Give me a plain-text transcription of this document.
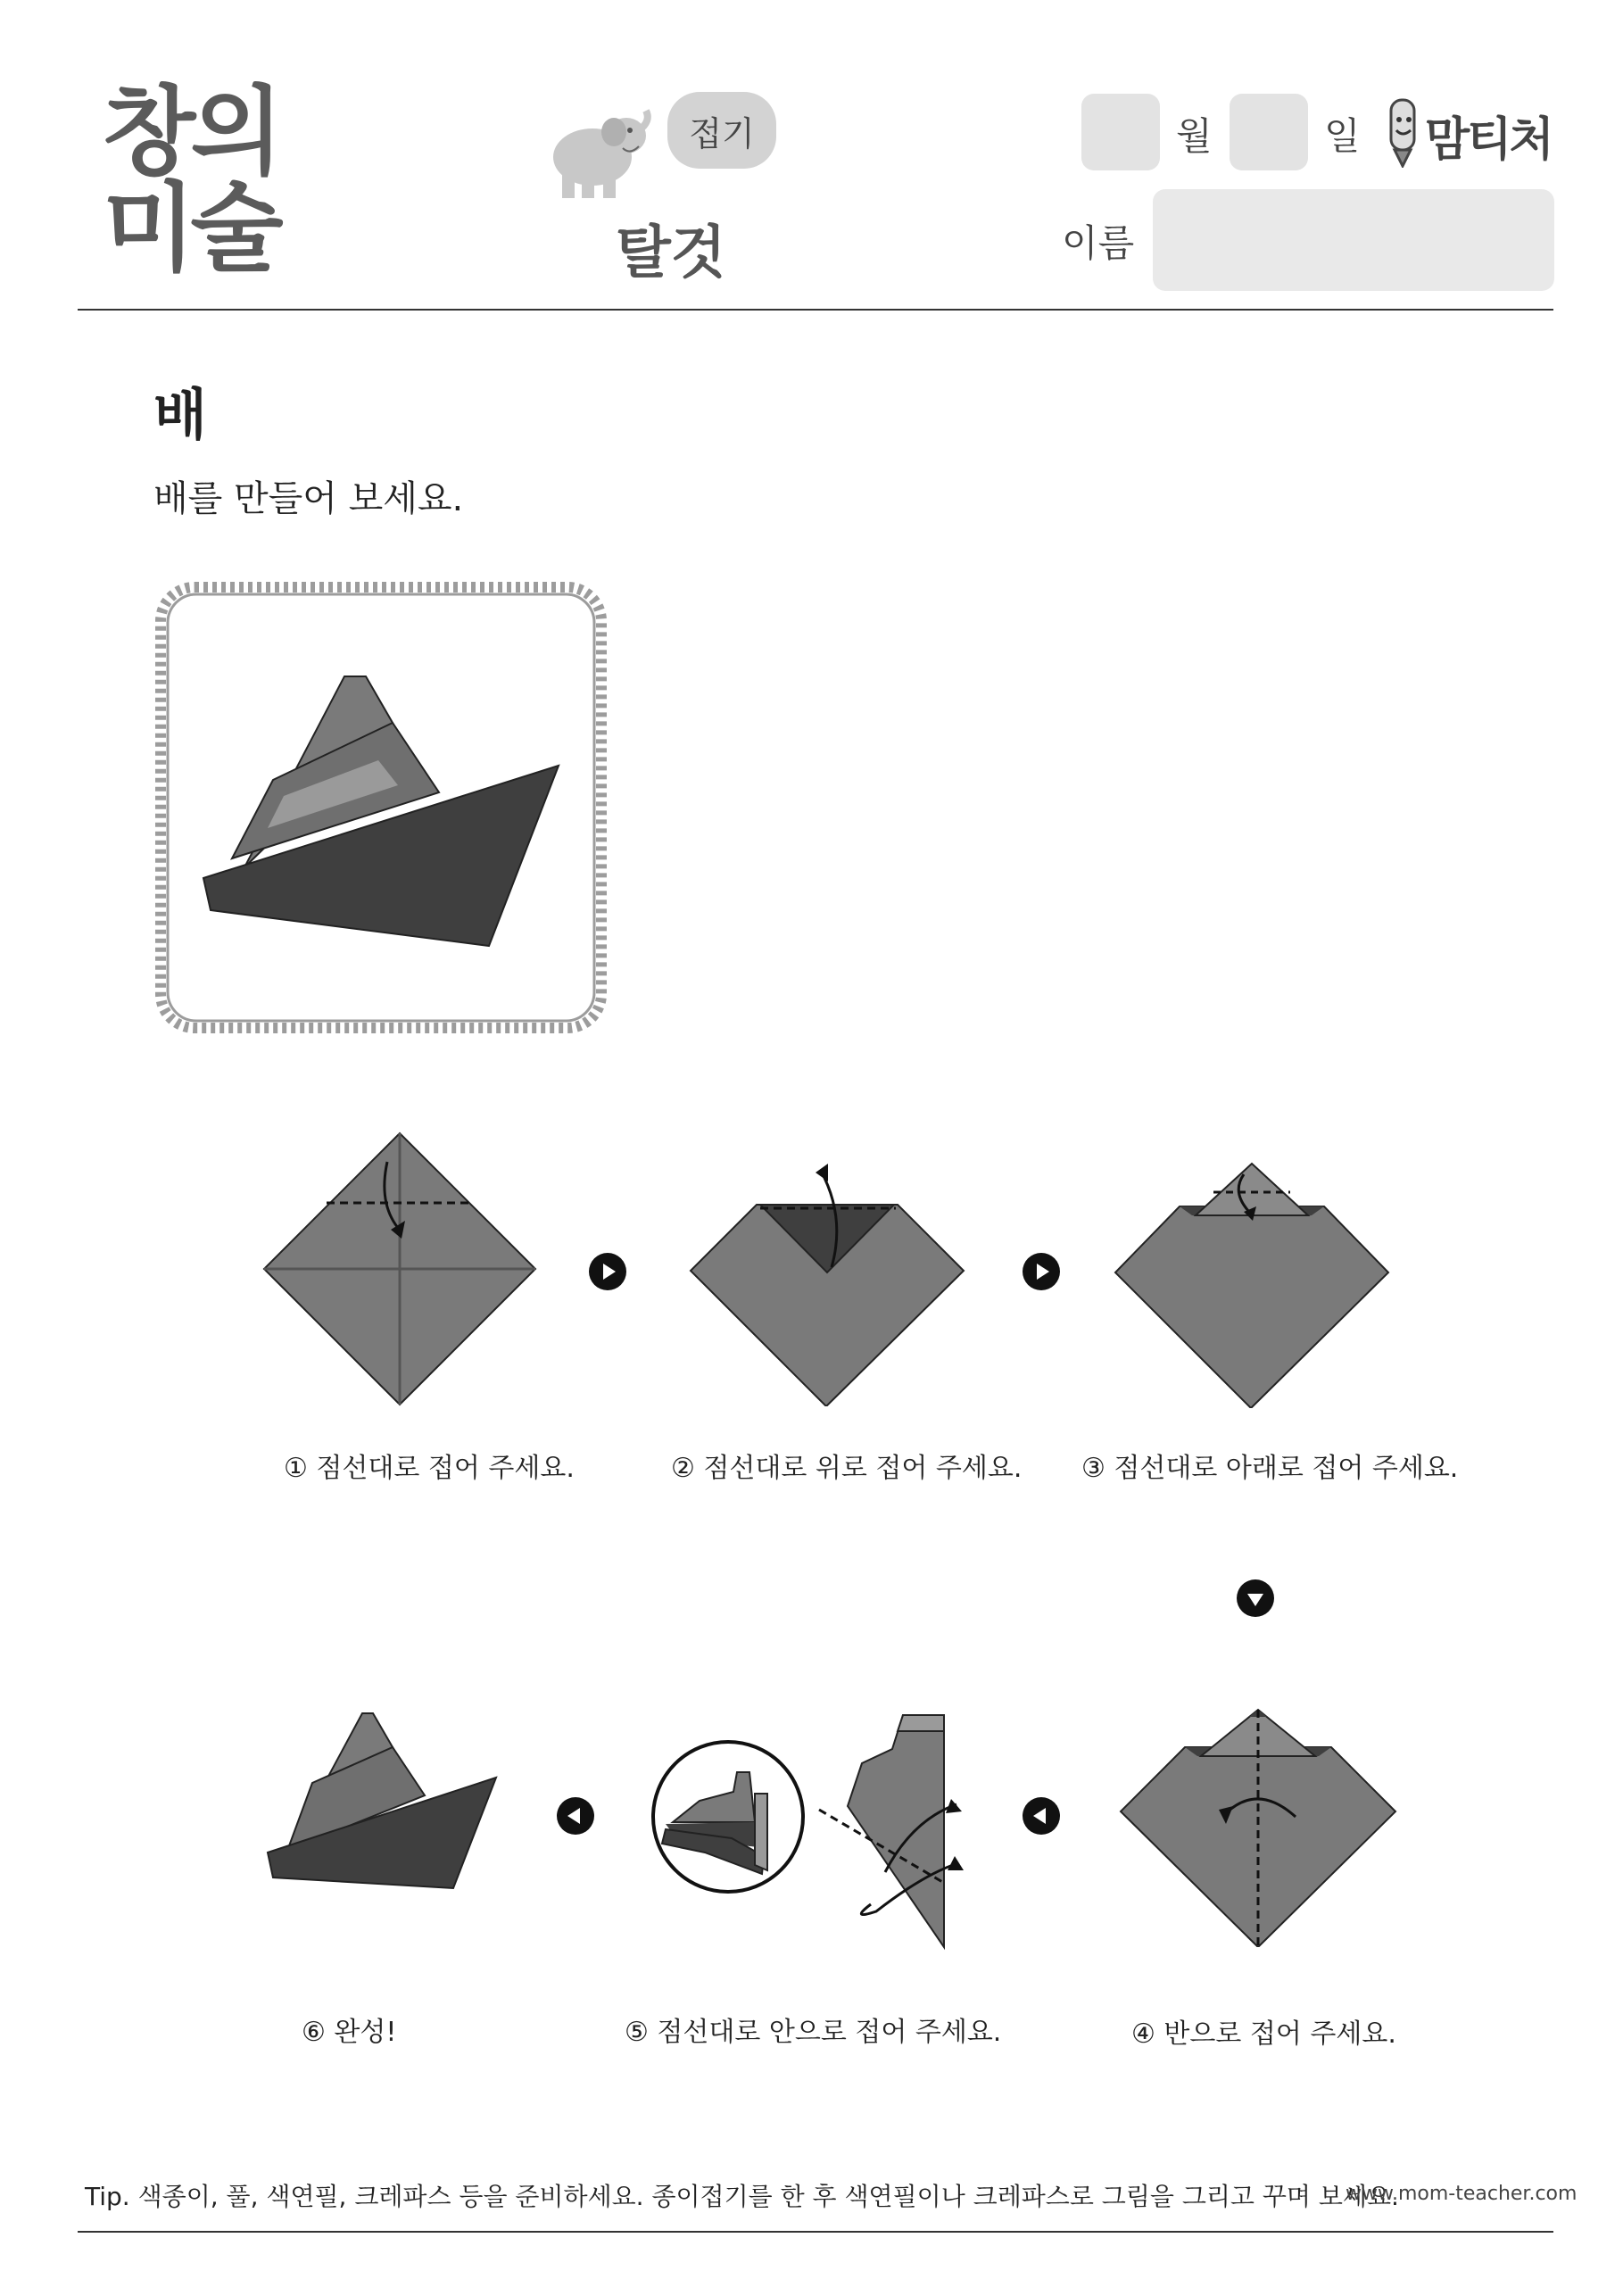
창의
미술
접기
탈것
월	일 맘티처
이름
배
배를 만들어 보세요.
① 점선대로 접어 주세요.	② 점선대로 위로 접어 주세요. ③ 점선대로 아래로 접어 주세요.
④ 반으로 접어 주세요.
⑤ 점선대로 안으로 접어 주세요.
⑥ 완성!
Tip. 색종이, 풀, 색연필, 크레파스 등을 준비하세요. 종이접기를 한 후 색연필이나 크레파스로 그림을 그리고 꾸며 보세요.
www.mom-teacher.com
